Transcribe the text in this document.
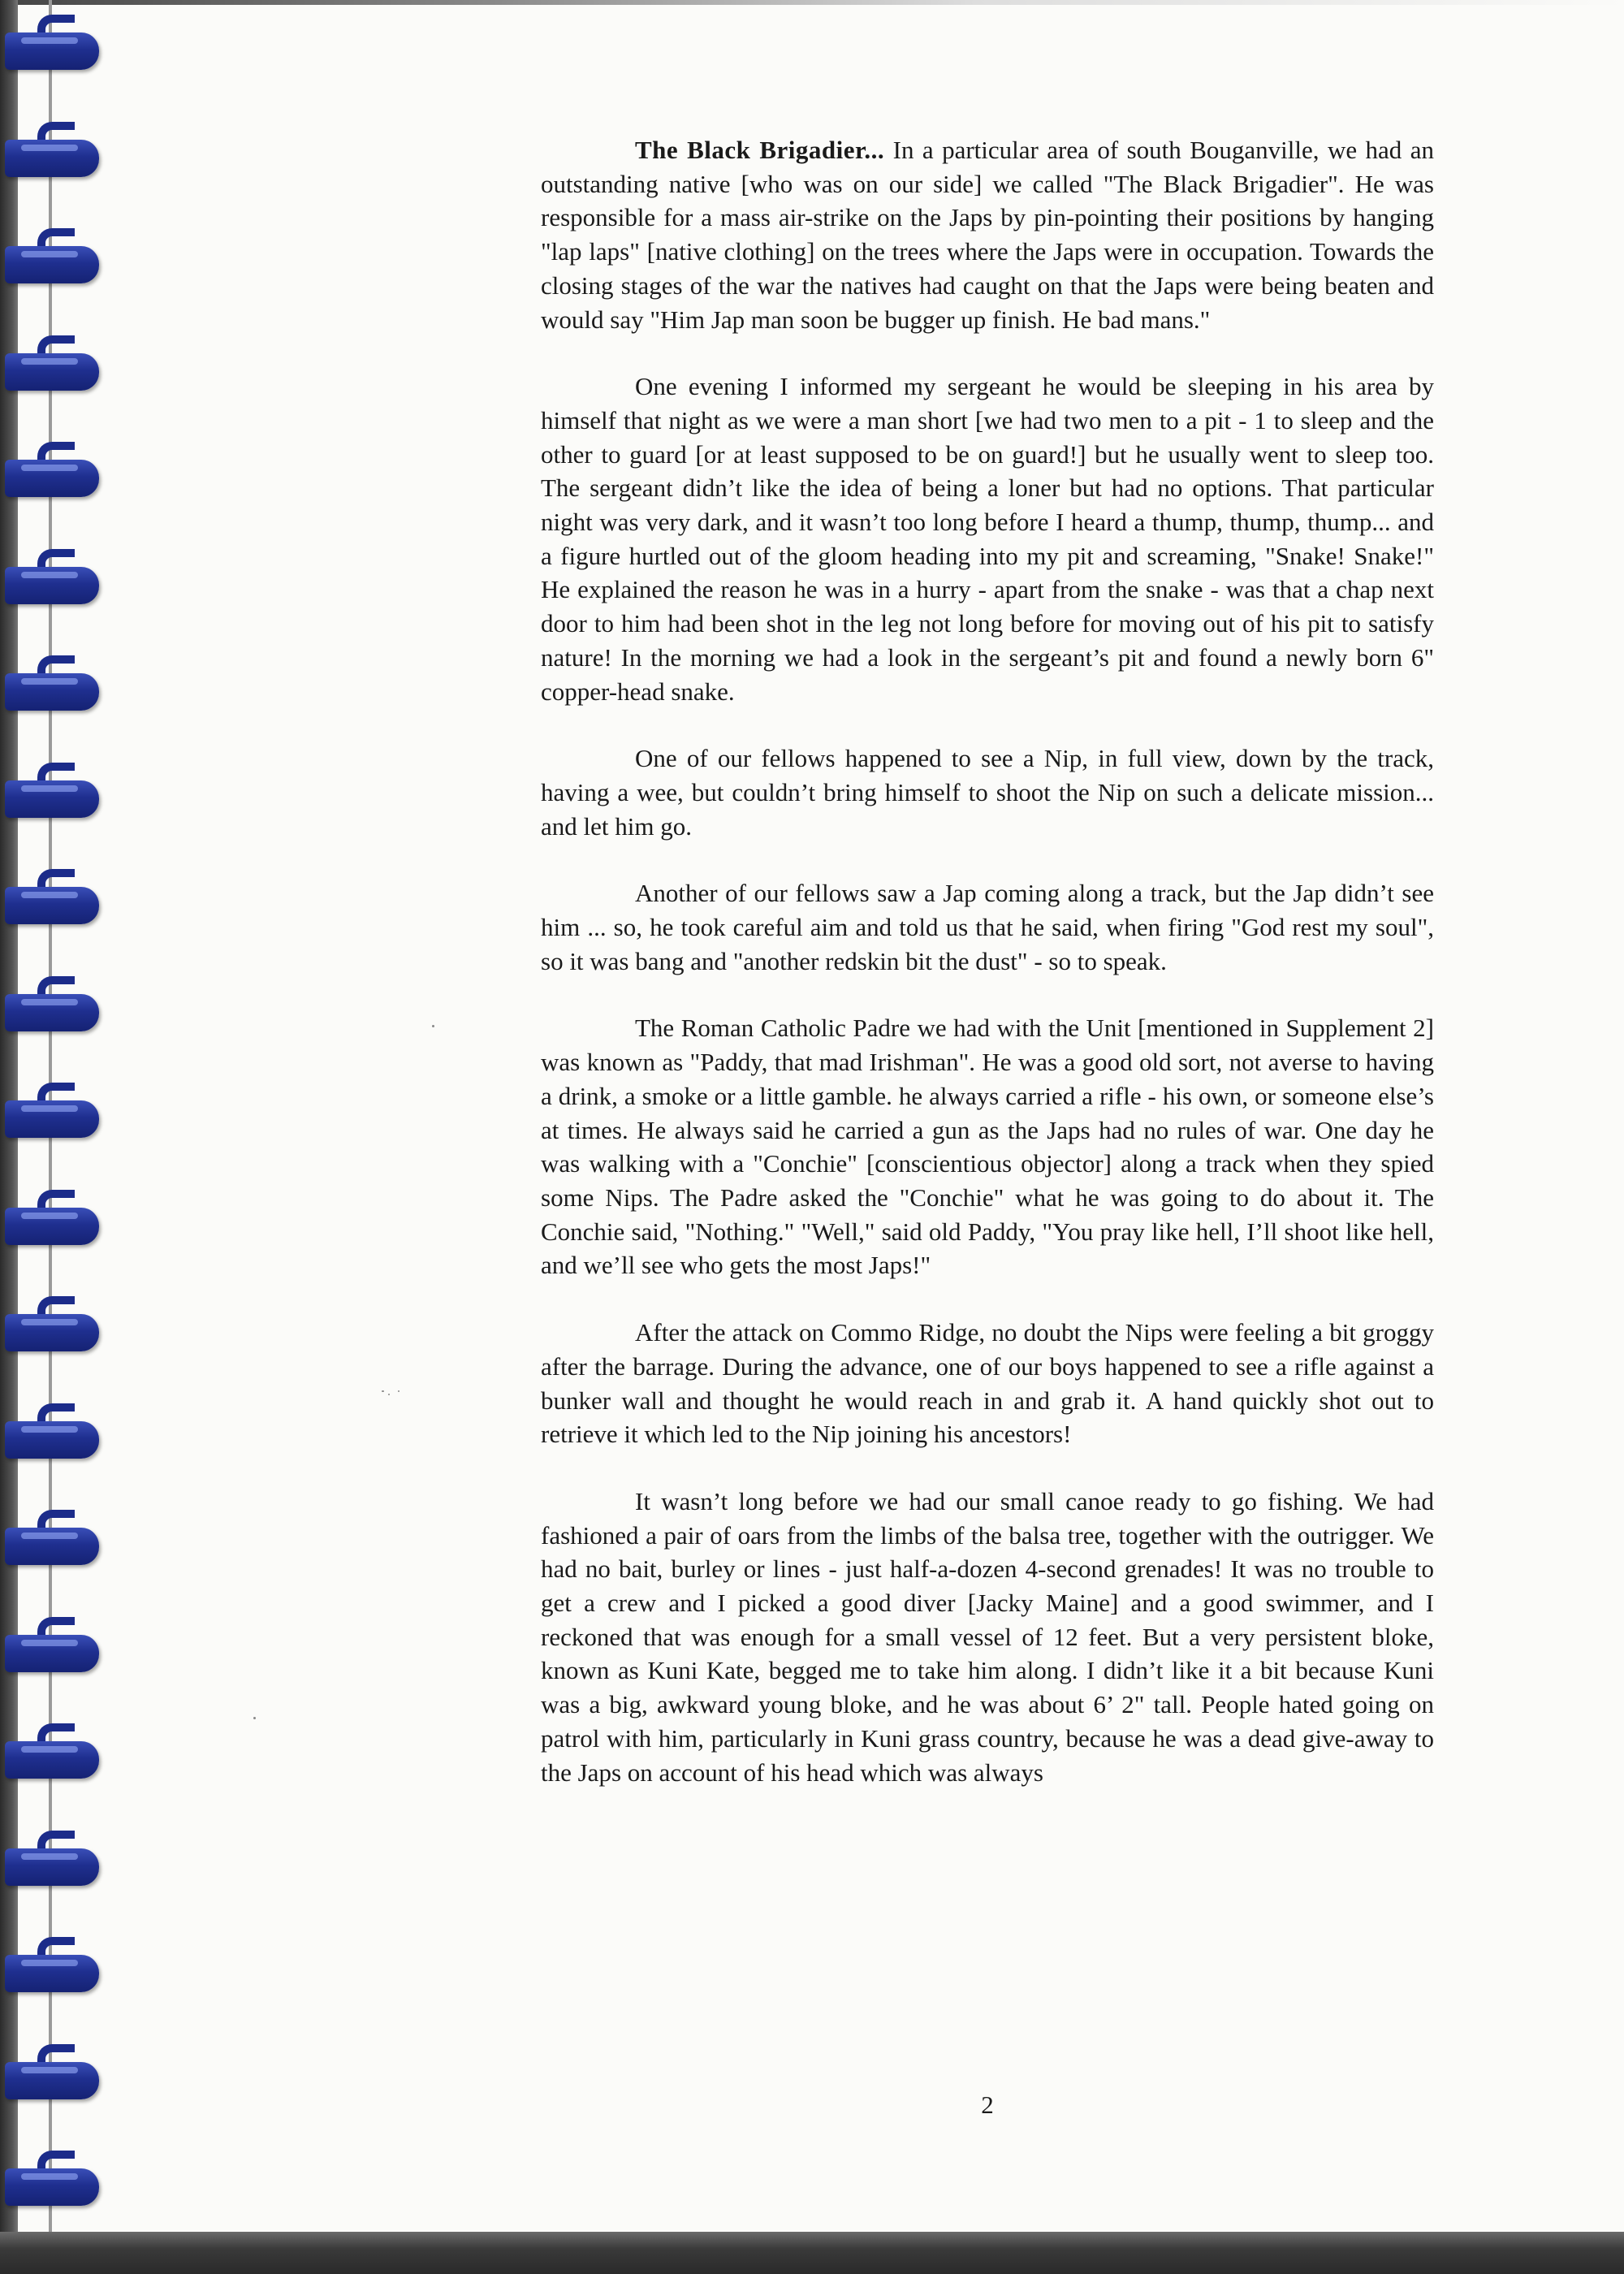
The Black Brigadier... In a particular area of south Bouganville, we had an outstanding native [who was on our side] we called "The Black Brigadier". He was responsible for a mass air-strike on the Japs by pin-pointing their positions by hanging "lap laps" [native clothing] on the trees where the Japs were in occupation. Towards the closing stages of the war the natives had caught on that the Japs were being beaten and would say "Him Jap man soon be bugger up finish. He bad mans."

One evening I informed my sergeant he would be sleeping in his area by himself that night as we were a man short [we had two men to a pit - 1 to sleep and the other to guard [or at least supposed to be on guard!] but he usually went to sleep too. The sergeant didn’t like the idea of being a loner but had no options. That particular night was very dark, and it wasn’t too long before I heard a thump, thump, thump... and a figure hurtled out of the gloom heading into my pit and screaming, "Snake! Snake!" He explained the reason he was in a hurry - apart from the snake - was that a chap next door to him had been shot in the leg not long before for moving out of his pit to satisfy nature! In the morning we had a look in the sergeant’s pit and found a newly born 6" copper-head snake.

One of our fellows happened to see a Nip, in full view, down by the track, having a wee, but couldn’t bring himself to shoot the Nip on such a delicate mission... and let him go.

Another of our fellows saw a Jap coming along a track, but the Jap didn’t see him ... so, he took careful aim and told us that he said, when firing "God rest my soul", so it was bang and "another redskin bit the dust" - so to speak.

The Roman Catholic Padre we had with the Unit [mentioned in Supplement 2] was known as "Paddy, that mad Irishman". He was a good old sort, not averse to having a drink, a smoke or a little gamble. he always carried a rifle - his own, or someone else’s at times. He always said he carried a gun as the Japs had no rules of war. One day he was walking with a "Conchie" [conscientious objector] along a track when they spied some Nips. The Padre asked the "Conchie" what he was going to do about it. The Conchie said, "Nothing." "Well," said old Paddy, "You pray like hell, I’ll shoot like hell, and we’ll see who gets the most Japs!"

After the attack on Commo Ridge, no doubt the Nips were feeling a bit groggy after the barrage. During the advance, one of our boys happened to see a rifle against a bunker wall and thought he would reach in and grab it. A hand quickly shot out to retrieve it which led to the Nip joining his ancestors!

It wasn’t long before we had our small canoe ready to go fishing. We had fashioned a pair of oars from the limbs of the balsa tree, together with the outrigger. We had no bait, burley or lines - just half-a-dozen 4-second grenades! It was no trouble to get a crew and I picked a good diver [Jacky Maine] and a good swimmer, and I reckoned that was enough for a small vessel of 12 feet. But a very persistent bloke, known as Kuni Kate, begged me to take him along. I didn’t like it a bit because Kuni was a big, awkward young bloke, and he was about 6’ 2" tall. People hated going on patrol with him, particularly in Kuni grass country, because he was a dead give-away to the Japs on account of his head which was always

2
